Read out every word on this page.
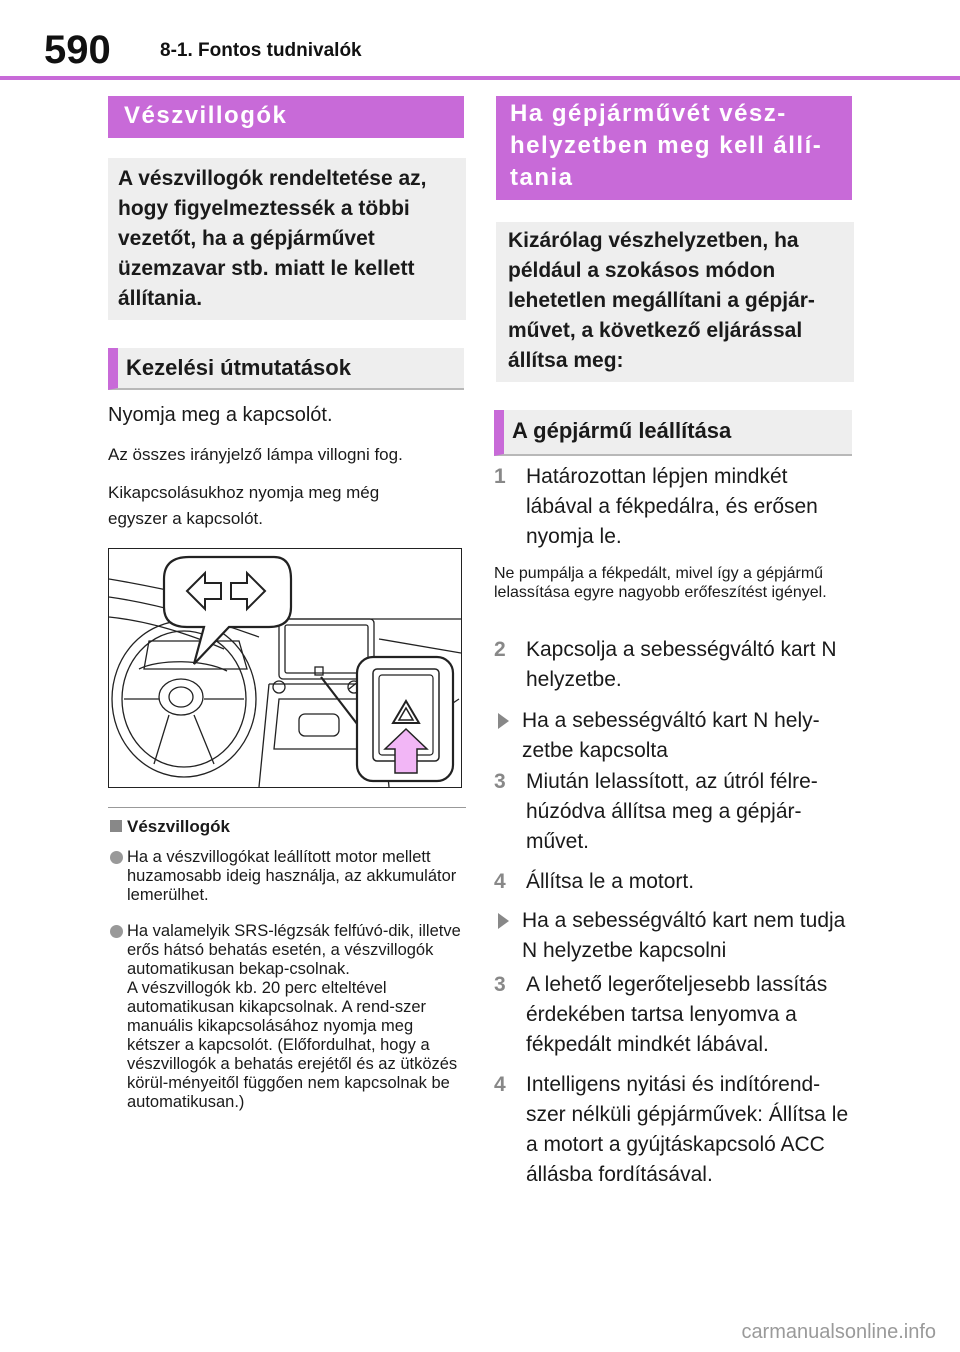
590	8-1. Fontos tudnivalók
Vészvillogók
A vészvillogók rendeltetése az, hogy figyelmeztessék a többi vezetőt, ha a gépjárművet üzemzavar stb. miatt le kellett állítania.
Kezelési útmutatások
Nyomja meg a kapcsolót.
Az összes irányjelző lámpa villogni fog.
Kikapcsolásukhoz nyomja meg még egyszer a kapcsolót.
Vészvillogók
Ha a vészvillogókat leállított motor mellett huzamosabb ideig használja, az akkumulátor lemerülhet.
Ha valamelyik SRS-légzsák felfúvó-dik, illetve erős hátsó behatás esetén, a vészvillogók automatikusan bekap-csolnak.
A vészvillogók kb. 20 perc elteltével automatikusan kikapcsolnak. A rend-szer manuális kikapcsolásához nyomja meg kétszer a kapcsolót. (Előfordulhat, hogy a vészvillogók a behatás erejétől és az ütközés körül-ményeitől függően nem kapcsolnak be automatikusan.)
Ha gépjárművét vész-helyzetben meg kell állí-tania
Kizárólag vészhelyzetben, ha például a szokásos módon lehetetlen megállítani a gépjár-művet, a következő eljárással állítsa meg:
A gépjármű leállítása
1 Határozottan lépjen mindkét lábával a fékpedálra, és erősen nyomja le.
Ne pumpálja a fékpedált, mivel így a gépjármű lelassítása egyre nagyobb erőfeszítést igényel.
2 Kapcsolja a sebességváltó kart N helyzetbe.
Ha a sebességváltó kart N hely-zetbe kapcsolta
3 Miután lelassított, az útról félre-húzódva állítsa meg a gépjár-művet.
4 Állítsa le a motort.
Ha a sebességváltó kart nem tudja N helyzetbe kapcsolni
3 A lehető legerőteljesebb lassítás érdekében tartsa lenyomva a fékpedált mindkét lábával.
4 Intelligens nyitási és indítórend-szer nélküli gépjárművek: Állítsa le a motort a gyújtáskapcsoló ACC állásba fordításával.
carmanualsonline.info
